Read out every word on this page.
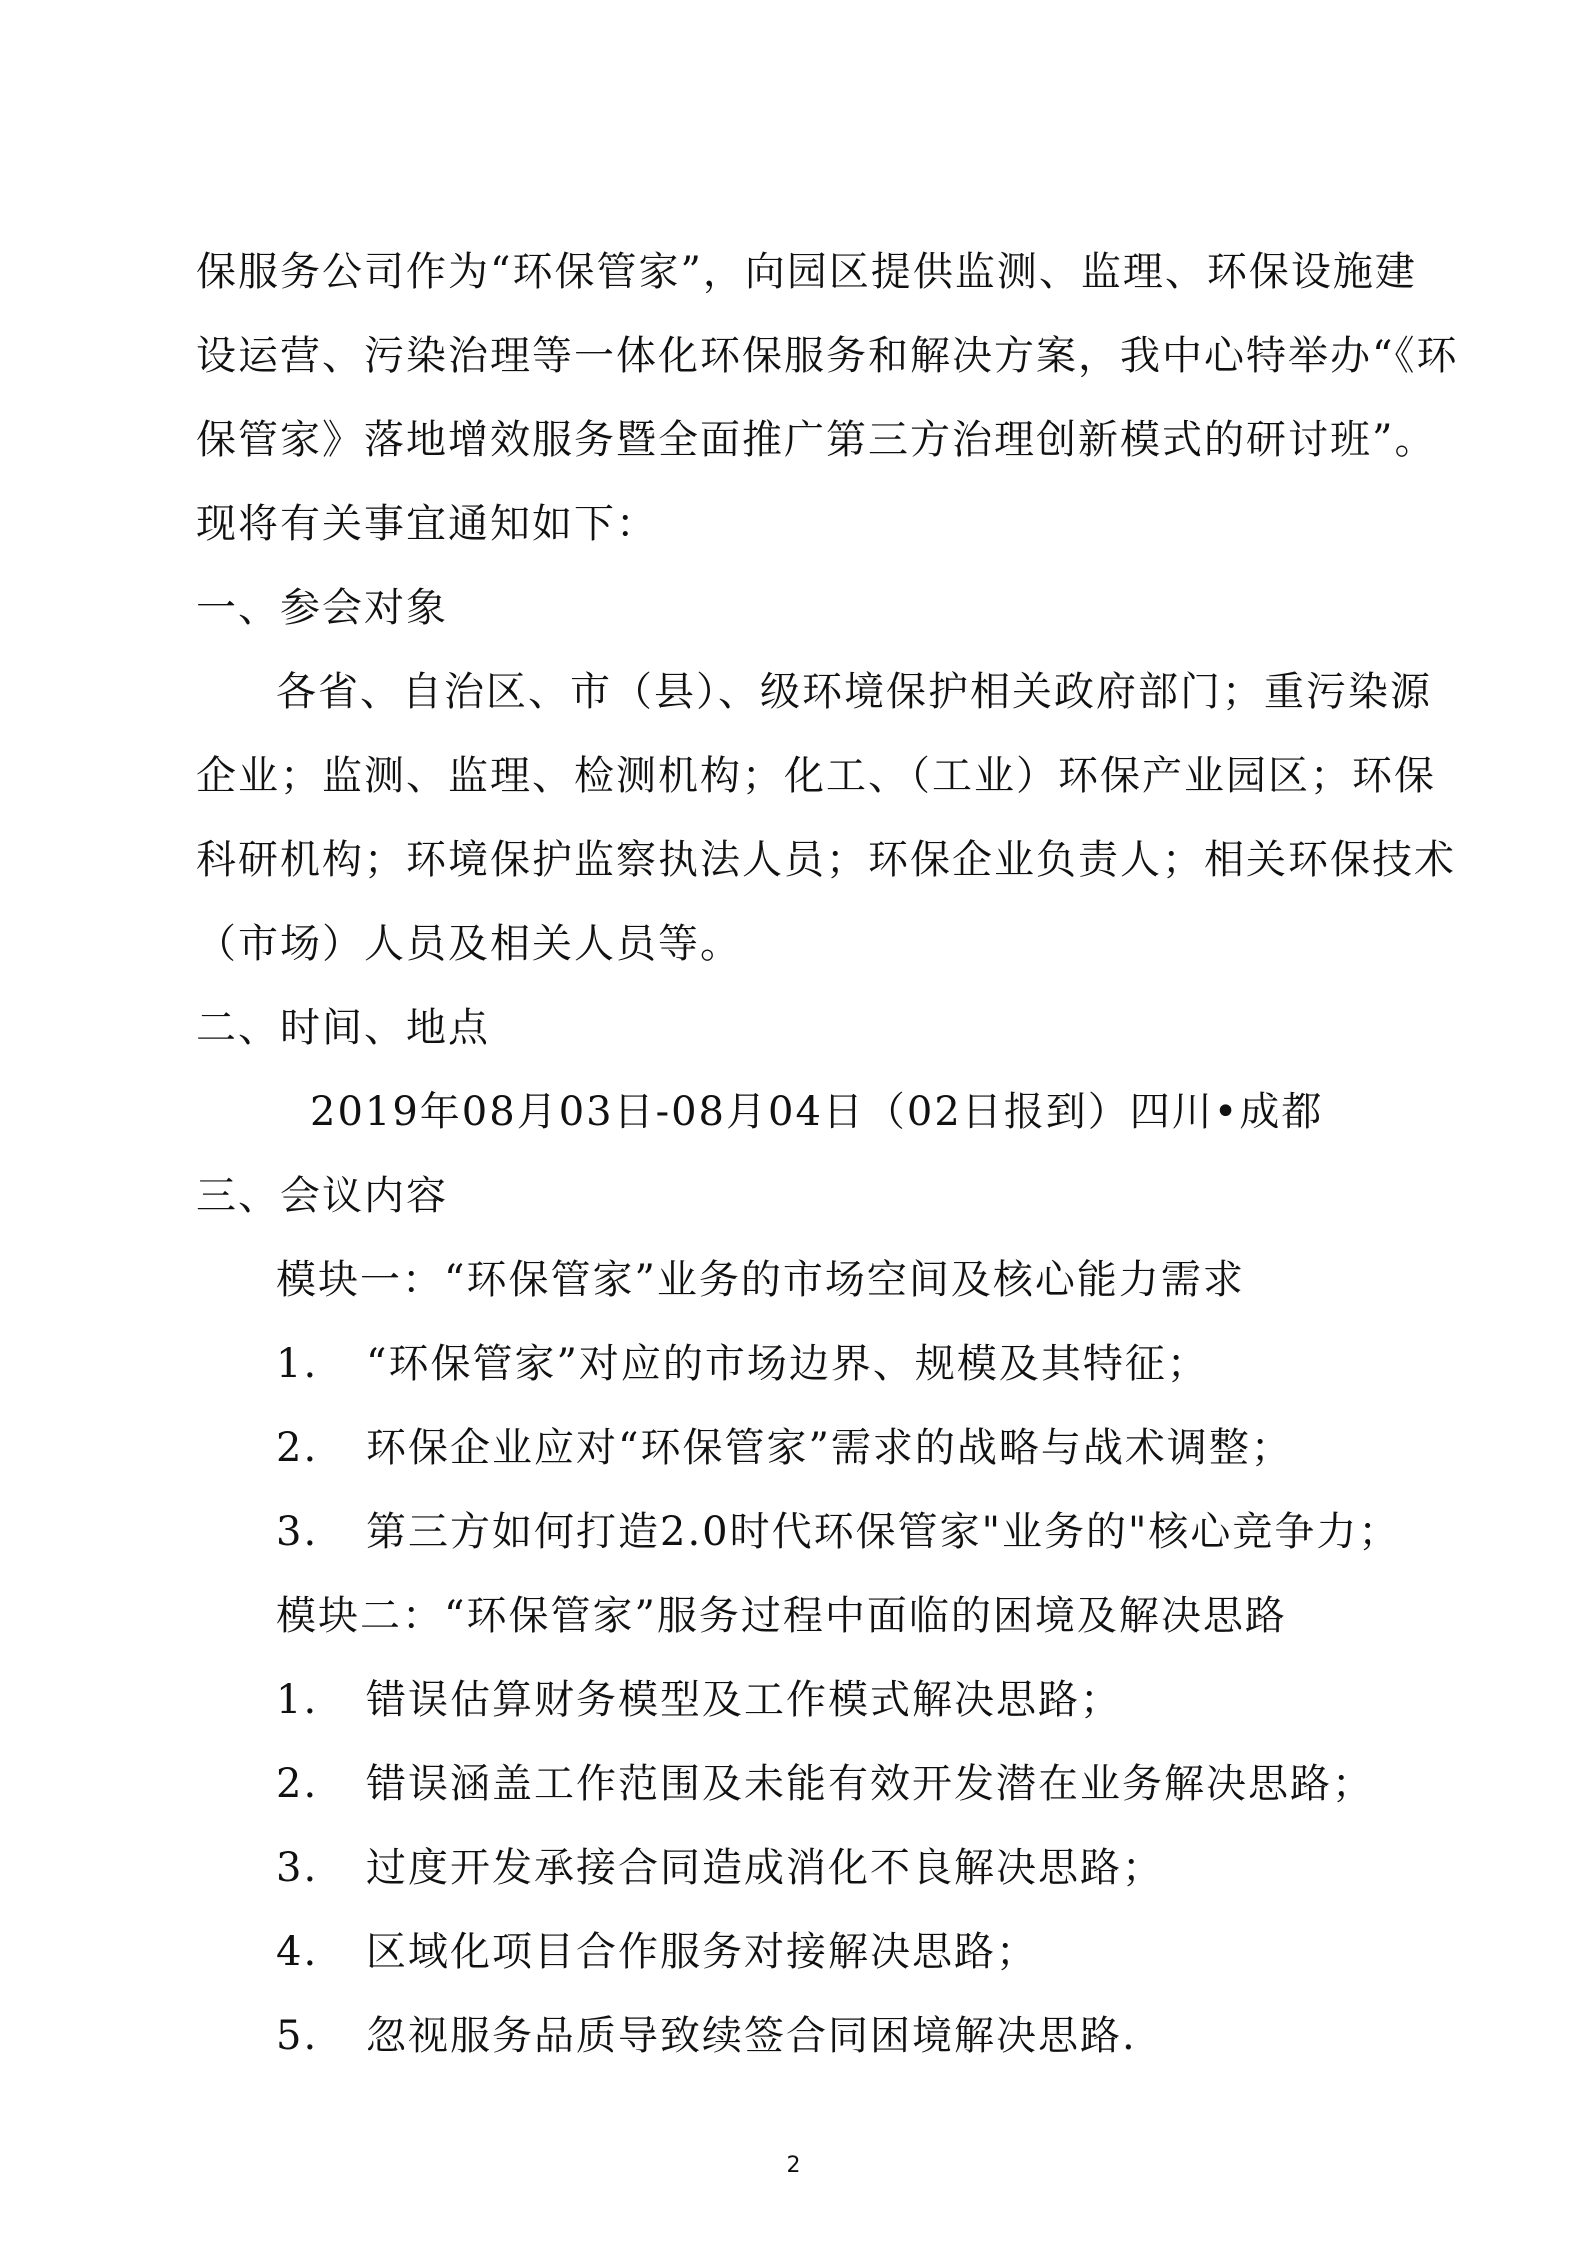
保服务公司作为“环保管家”，向园区提供监测、监理、环保设施建
设运营、污染治理等一体化环保服务和解决方案，我中心特举办“《环
保管家》落地增效服务暨全面推广第三方治理创新模式的研讨班”。
现将有关事宜通知如下：
一、参会对象
各省、自治区、市（县）、级环境保护相关政府部门；重污染源
企业；监测、监理、检测机构；化工、（工业）环保产业园区；环保
科研机构；环境保护监察执法人员；环保企业负责人；相关环保技术
（市场）人员及相关人员等。
二、时间、地点
2019年08月03日-08月04日（02日报到）四川•成都
三、会议内容
模块一：“环保管家”业务的市场空间及核心能力需求
1. “环保管家”对应的市场边界、规模及其特征；
2. 环保企业应对“环保管家”需求的战略与战术调整；
3. 第三方如何打造2.0时代环保管家"业务的"核心竞争力；
模块二：“环保管家”服务过程中面临的困境及解决思路
1. 错误估算财务模型及工作模式解决思路；
2. 错误涵盖工作范围及未能有效开发潜在业务解决思路；
3. 过度开发承接合同造成消化不良解决思路；
4. 区域化项目合作服务对接解决思路；
5. 忽视服务品质导致续签合同困境解决思路.
2
